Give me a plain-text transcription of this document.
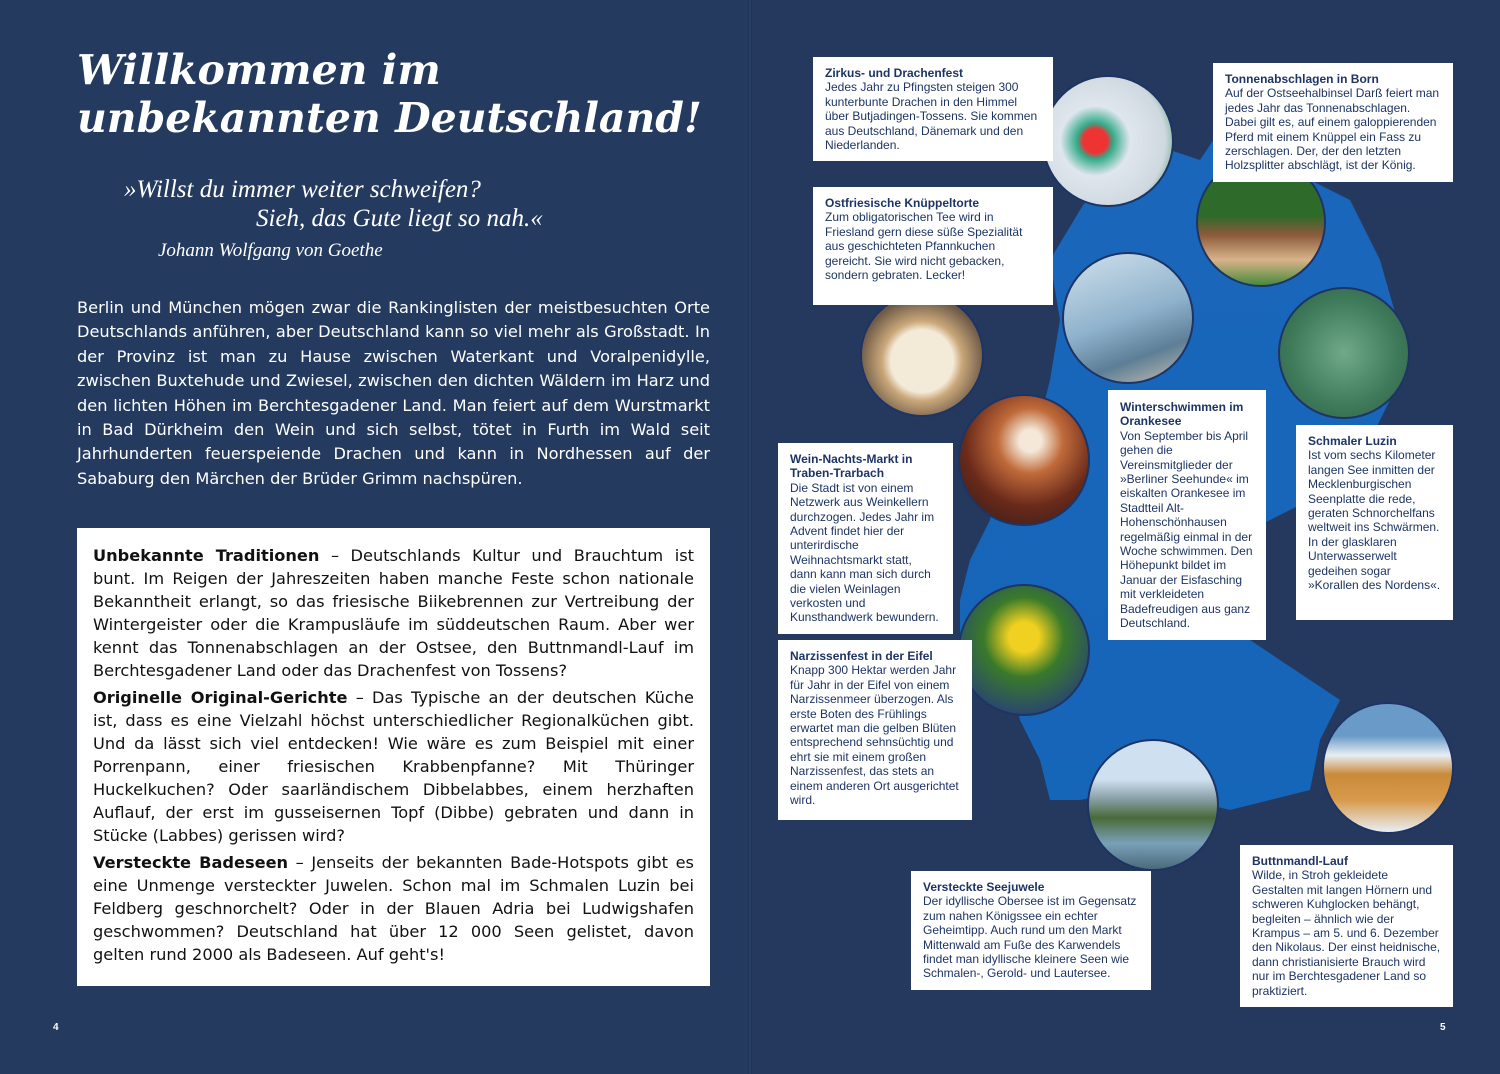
Willkommen im
unbekannten Deutschland!
»Willst du immer weiter schweifen?
Sieh, das Gute liegt so nah.«
Johann Wolfgang von Goethe

Berlin und München mögen zwar die Rankinglisten der meistbesuchten Orte Deutschlands anführen, aber Deutschland kann so viel mehr als Großstadt. In der Provinz ist man zu Hause zwischen Waterkant und Voralpenidylle, zwischen Buxtehude und Zwiesel, zwischen den dichten Wäldern im Harz und den lichten Höhen im Berchtesgadener Land. Man feiert auf dem Wurstmarkt in Bad Dürkheim den Wein und sich selbst, tötet in Furth im Wald seit Jahrhunderten feuerspeiende Drachen und kann in Nordhessen auf der Sababurg den Märchen der Brüder Grimm nachspüren.

Unbekannte Traditionen – Deutschlands Kultur und Brauchtum ist bunt. Im Reigen der Jahreszeiten haben manche Feste schon nationale Bekanntheit erlangt, so das friesische Biikebrennen zur Vertreibung der Wintergeister oder die Krampusläufe im süddeutschen Raum. Aber wer kennt das Tonnenabschlagen an der Ostsee, den Buttnmandl-Lauf im Berchtesgadener Land oder das Drachenfest von Tossens?

Originelle Original-Gerichte – Das Typische an der deutschen Küche ist, dass es eine Vielzahl höchst unterschiedlicher Regionalküchen gibt. Und da lässt sich viel entdecken! Wie wäre es zum Beispiel mit einer Porrenpann, einer friesischen Krabbenpfanne? Mit Thüringer Huckelkuchen? Oder saarländischem Dibbelabbes, einem herzhaften Auflauf, der erst im gusseisernen Topf (Dibbe) gebraten und dann in Stücke (Labbes) gerissen wird?

Versteckte Badeseen – Jenseits der bekannten Bade-Hotspots gibt es eine Unmenge versteckter Juwelen. Schon mal im Schmalen Luzin bei Feldberg geschnorchelt? Oder in der Blauen Adria bei Ludwigshafen geschwommen? Deutschland hat über 12 000 Seen gelistet, davon gelten rund 2000 als Badeseen. Auf geht's!

4
Zirkus- und Drachenfest

Jedes Jahr zu Pfingsten steigen 300 kunterbunte Drachen in den Himmel über Butjadingen-Tossens. Sie kommen aus Deutschland, Dänemark und den Niederlanden.

Ostfriesische Knüppeltorte

Zum obligatorischen Tee wird in Friesland gern diese süße Spezialität aus geschichteten Pfannkuchen gereicht. Sie wird nicht gebacken, sondern gebraten. Lecker!

Tonnenabschlagen in Born

Auf der Ostseehalbinsel Darß feiert man jedes Jahr das Tonnenabschlagen. Dabei gilt es, auf einem galoppierenden Pferd mit einem Knüppel ein Fass zu zerschlagen. Der, der den letzten Holzsplitter abschlägt, ist der König.

Winterschwimmen im Orankesee

Von September bis April gehen die Vereinsmitglieder der »Berliner Seehunde« im eiskalten Orankesee im Stadtteil Alt-Hohenschönhausen regelmäßig einmal in der Woche schwimmen. Den Höhepunkt bildet im Januar der Eisfasching mit verkleideten Badefreudigen aus ganz Deutschland.

Schmaler Luzin

Ist vom sechs Kilometer langen See inmitten der Mecklenburgischen Seenplatte die rede, geraten Schnorchelfans weltweit ins Schwärmen. In der glasklaren Unterwasserwelt gedeihen sogar »Korallen des Nordens«.

Wein-Nachts-Markt in Traben-Trarbach

Die Stadt ist von einem Netzwerk aus Weinkellern durchzogen. Jedes Jahr im Advent findet hier der unterirdische Weihnachtsmarkt statt, dann kann man sich durch die vielen Weinlagen verkosten und Kunsthandwerk bewundern.

Narzissenfest in der Eifel

Knapp 300 Hektar werden Jahr für Jahr in der Eifel von einem Narzissenmeer überzogen. Als erste Boten des Frühlings erwartet man die gelben Blüten entsprechend sehnsüchtig und ehrt sie mit einem großen Narzissenfest, das stets an einem anderen Ort ausgerichtet wird.

Versteckte Seejuwele

Der idyllische Obersee ist im Gegensatz zum nahen Königssee ein echter Geheimtipp. Auch rund um den Markt Mittenwald am Fuße des Karwendels findet man idyllische kleinere Seen wie Schmalen-, Gerold- und Lautersee.

Buttnmandl-Lauf

Wilde, in Stroh gekleidete Gestalten mit langen Hörnern und schweren Kuhglocken behängt, begleiten – ähnlich wie der Krampus – am 5. und 6. Dezember den Nikolaus. Der einst heidnische, dann christianisierte Brauch wird nur im Berchtesgadener Land so praktiziert.

5
